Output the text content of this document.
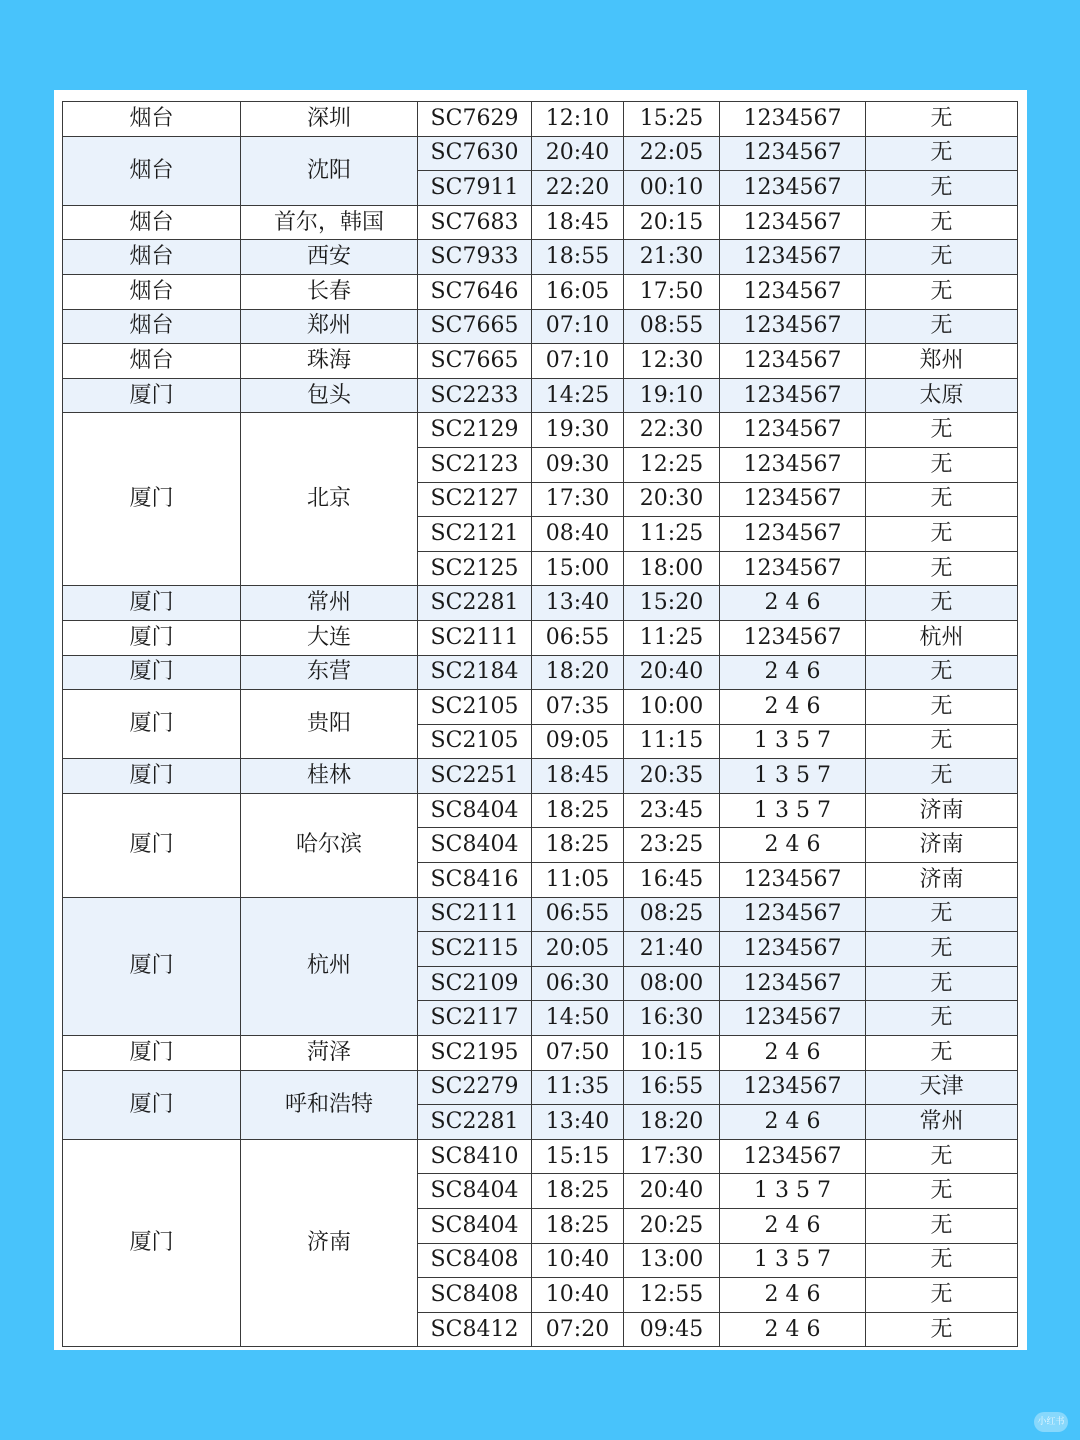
烟台	深圳	SC7629	12:10	15:25	1234567	无
烟台	沈阳	SC7630	20:40	22:05	1234567	无
		SC7911	22:20	00:10	1234567	无
烟台	首尔，韩国	SC7683	18:45	20:15	1234567	无
烟台	西安	SC7933	18:55	21:30	1234567	无
烟台	长春	SC7646	16:05	17:50	1234567	无
烟台	郑州	SC7665	07:10	08:55	1234567	无
烟台	珠海	SC7665	07:10	12:30	1234567	郑州
厦门	包头	SC2233	14:25	19:10	1234567	太原
厦门	北京	SC2129	19:30	22:30	1234567	无
		SC2123	09:30	12:25	1234567	无
		SC2127	17:30	20:30	1234567	无
		SC2121	08:40	11:25	1234567	无
		SC2125	15:00	18:00	1234567	无
厦门	常州	SC2281	13:40	15:20	2 4 6	无
厦门	大连	SC2111	06:55	11:25	1234567	杭州
厦门	东营	SC2184	18:20	20:40	2 4 6	无
厦门	贵阳	SC2105	07:35	10:00	2 4 6	无
		SC2105	09:05	11:15	1 3 5 7	无
厦门	桂林	SC2251	18:45	20:35	1 3 5 7	无
厦门	哈尔滨	SC8404	18:25	23:45	1 3 5 7	济南
		SC8404	18:25	23:25	2 4 6	济南
		SC8416	11:05	16:45	1234567	济南
厦门	杭州	SC2111	06:55	08:25	1234567	无
		SC2115	20:05	21:40	1234567	无
		SC2109	06:30	08:00	1234567	无
		SC2117	14:50	16:30	1234567	无
厦门	菏泽	SC2195	07:50	10:15	2 4 6	无
厦门	呼和浩特	SC2279	11:35	16:55	1234567	天津
		SC2281	13:40	18:20	2 4 6	常州
厦门	济南	SC8410	15:15	17:30	1234567	无
		SC8404	18:25	20:40	1 3 5 7	无
		SC8404	18:25	20:25	2 4 6	无
		SC8408	10:40	13:00	1 3 5 7	无
		SC8408	10:40	12:55	2 4 6	无
		SC8412	07:20	09:45	2 4 6	无
小红书
